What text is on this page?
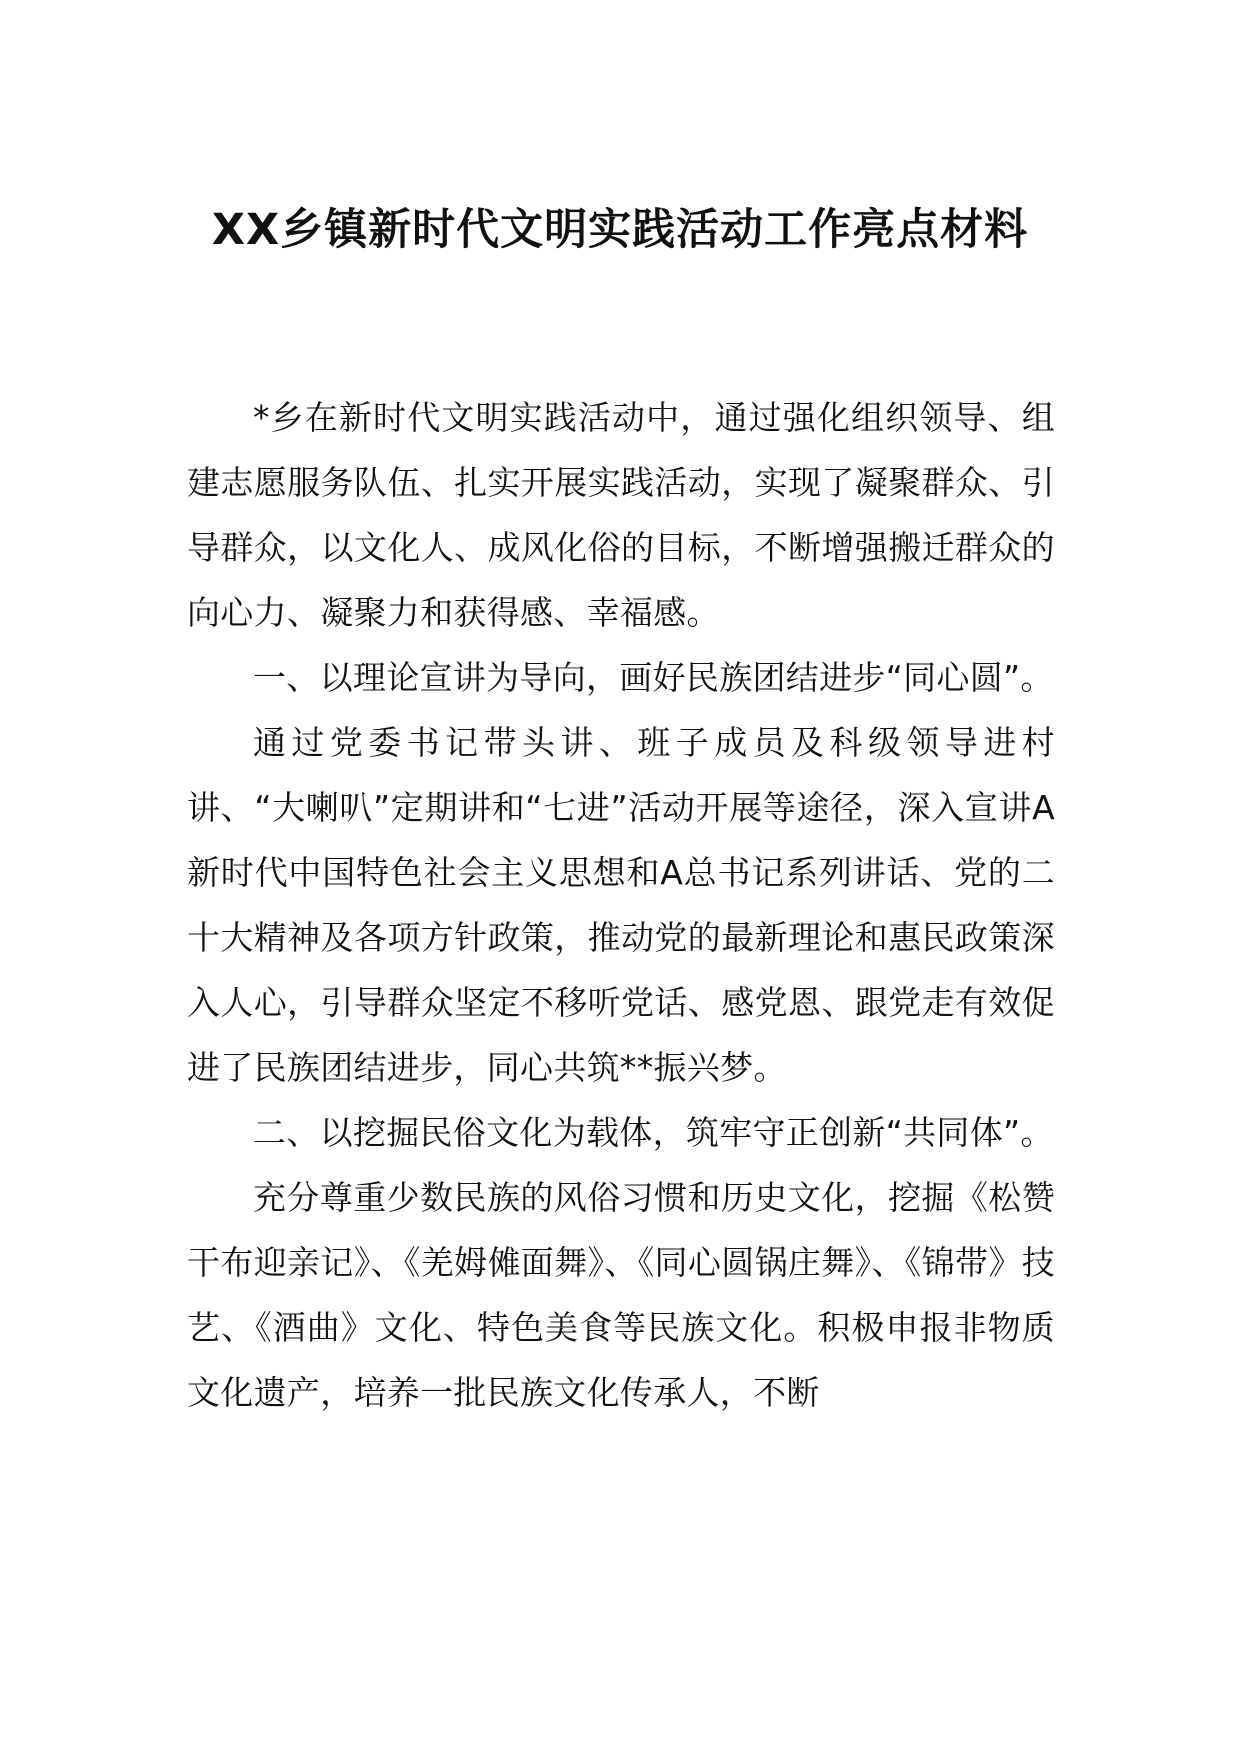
XX乡镇新时代文明实践活动工作亮点材料

*乡在新时代文明实践活动中，通过强化组织领导、组建志愿服务队伍、扎实开展实践活动，实现了凝聚群众、引导群众，以文化人、成风化俗的目标，不断增强搬迁群众的向心力、凝聚力和获得感、幸福感。

一、以理论宣讲为导向，画好民族团结进步“同心圆”。

通过党委书记带头讲、班子成员及科级领导进村讲、“大喇叭”定期讲和“七进”活动开展等途径，深入宣讲A新时代中国特色社会主义思想和A总书记系列讲话、党的二十大精神及各项方针政策，推动党的最新理论和惠民政策深入人心，引导群众坚定不移听党话、感党恩、跟党走有效促进了民族团结进步，同心共筑**振兴梦。

二、以挖掘民俗文化为载体，筑牢守正创新“共同体”。

充分尊重少数民族的风俗习惯和历史文化，挖掘《松赞干布迎亲记》、《羌姆傩面舞》、《同心圆锅庄舞》、《锦带》技艺、《酒曲》文化、特色美食等民族文化。积极申报非物质文化遗产，培养一批民族文化传承人，不断
